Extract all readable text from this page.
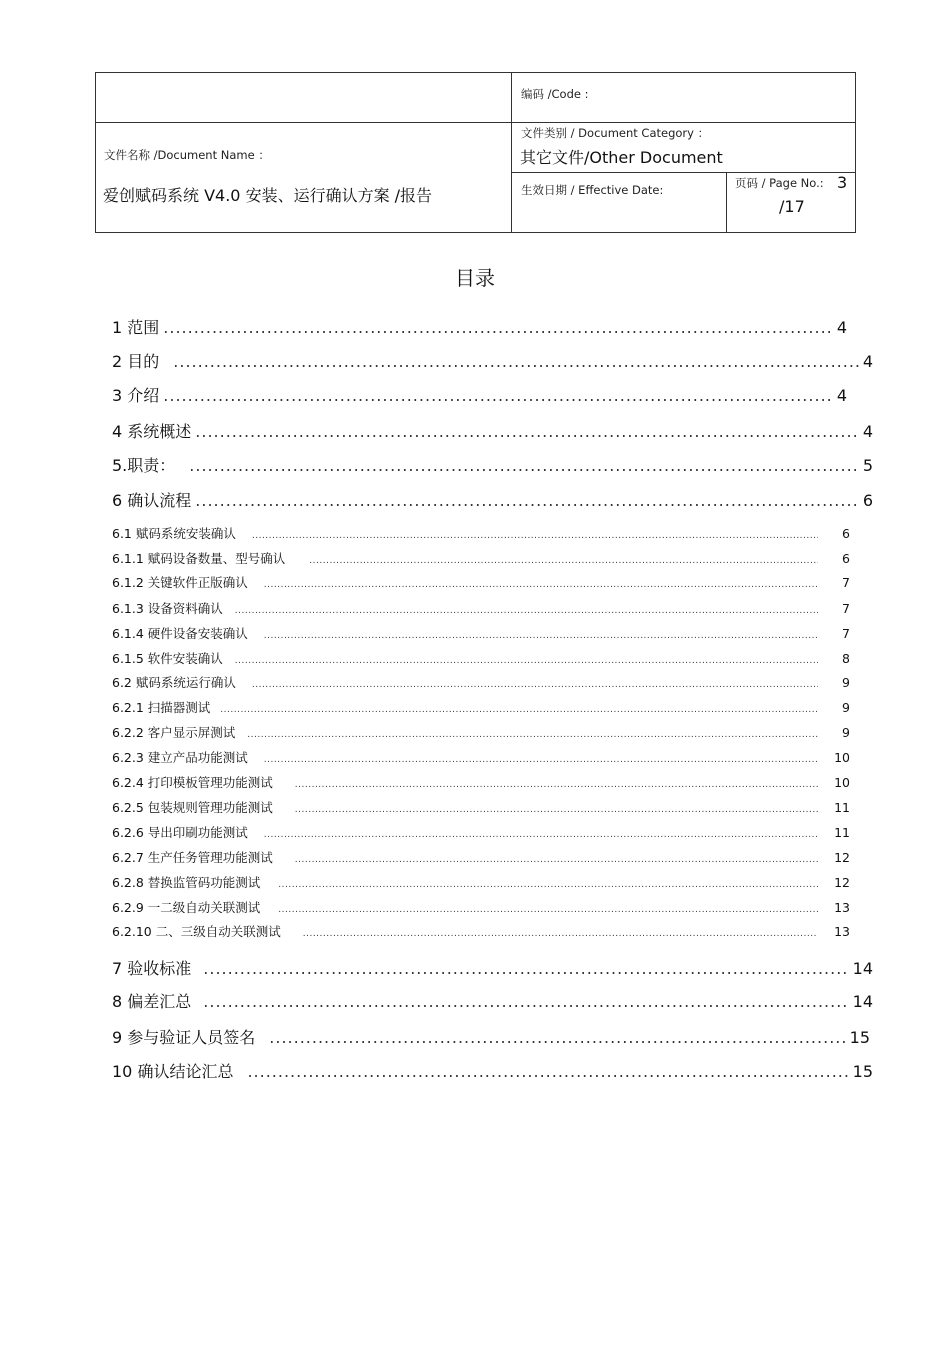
编码 /Code :
文件名称 /Document Name ：
爱创赋码系统 V4.0 安装、运行确认方案 /报告
文件类别 / Document Category ：
其它文件/Other Document
生效日期 / Effective Date:	页码 / Page No.: 3
/17
目录
1 范围 .....	4
2 目的 .....	4
3 介绍 .....	4
4 系统概述 .....	4
5.职责： .....	5
6 确认流程 .....	6
6.1 赋码系统安装确认 .....	6
6.1.1 赋码设备数量、型号确认 .....	6
6.1.2 关键软件正版确认 .....	7
6.1.3 设备资料确认 .....	7
6.1.4 硬件设备安装确认 .....	7
6.1.5 软件安装确认 .....	8
6.2 赋码系统运行确认 .....	9
6.2.1 扫描器测试 .....	9
6.2.2 客户显示屏测试 .....	9
6.2.3 建立产品功能测试 .....	10
6.2.4 打印模板管理功能测试 .....	10
6.2.5 包装规则管理功能测试 .....	11
6.2.6 导出印刷功能测试 .....	11
6.2.7 生产任务管理功能测试 .....	12
6.2.8 替换监管码功能测试 .....	12
6.2.9 一二级自动关联测试 .....	13
6.2.10 二、三级自动关联测试 .....	13
7 验收标准 .....	14
8 偏差汇总 .....	14
9 参与验证人员签名 .....	15
10 确认结论汇总 .....	15
